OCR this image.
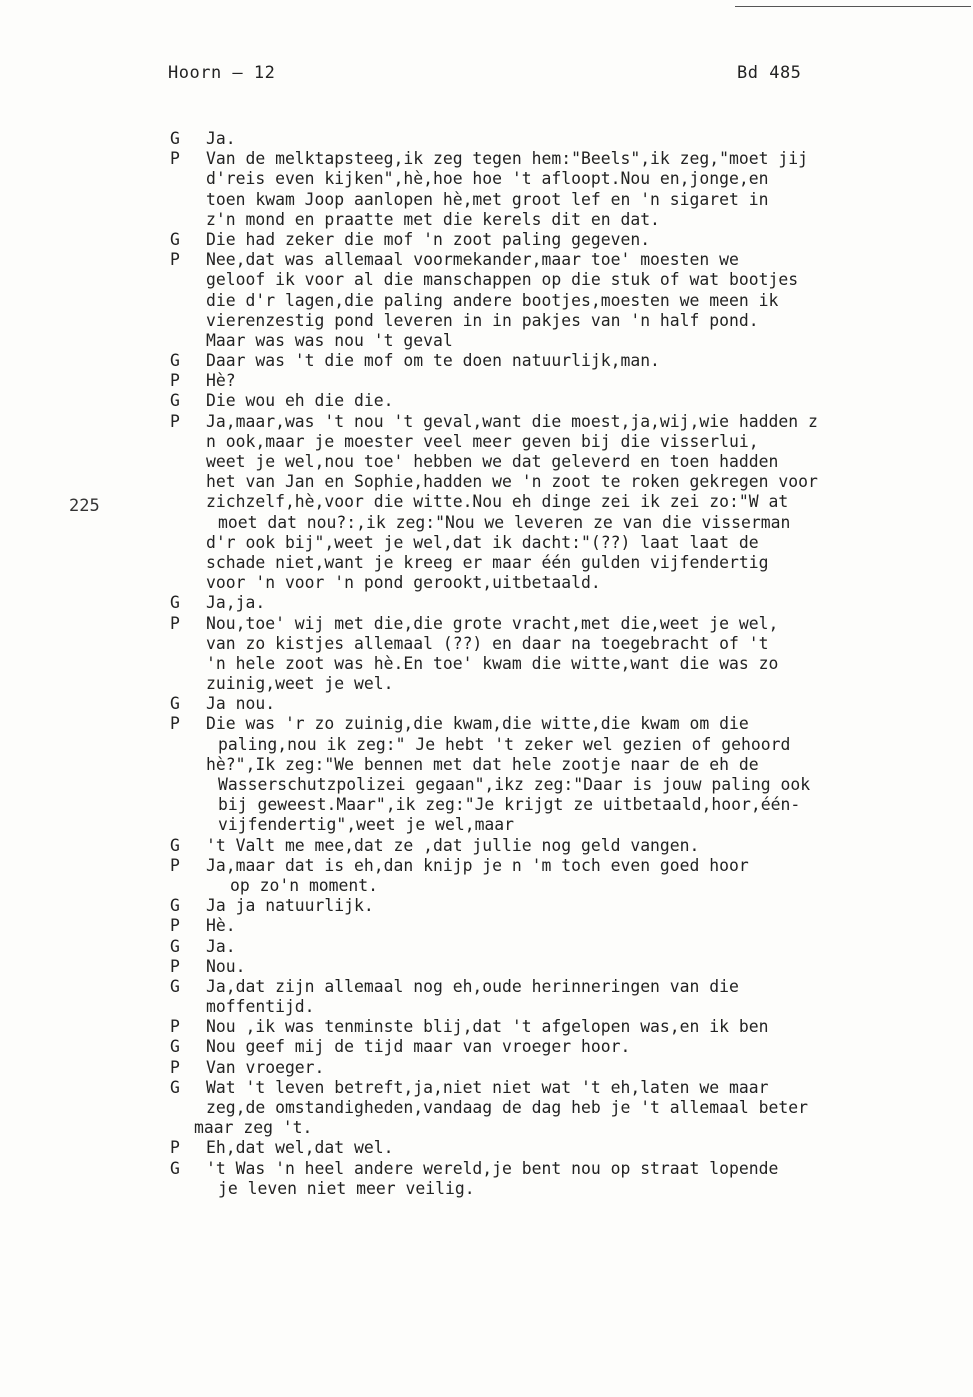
Hoorn – 12	Bd 485
225
G	Ja.
P	Van de melktapsteeg,ik zeg tegen hem:"Beels",ik zeg,"moet jij
d'reis even kijken",hè,hoe hoe 't afloopt.Nou en,jonge,en
toen kwam Joop aanlopen hè,met groot lef en 'n sigaret in
z'n mond en praatte met die kerels dit en dat.
G	Die had zeker die mof 'n zoot paling gegeven.
P	Nee,dat was allemaal voormekander,maar toe' moesten we
geloof ik voor al die manschappen op die stuk of wat bootjes
die d'r lagen,die paling andere bootjes,moesten we meen ik
vierenzestig pond leveren in in pakjes van 'n half pond.
Maar was was nou 't geval
G	Daar was 't die mof om te doen natuurlijk,man.
P	Hè?
G	Die wou eh die die.
P	Ja,maar,was 't nou 't geval,want die moest,ja,wij,wie hadden z
n ook,maar je moester veel meer geven bij die visserlui,
weet je wel,nou toe' hebben we dat geleverd en toen hadden
het van Jan en Sophie,hadden we 'n zoot te roken gekregen voor
zichzelf,hè,voor die witte.Nou eh dinge zei ik zei zo:"W at
moet dat nou?:,ik zeg:"Nou we leveren ze van die visserman
d'r ook bij",weet je wel,dat ik dacht:"(??) laat laat de
schade niet,want je kreeg er maar één gulden vijfendertig
voor 'n voor 'n pond gerookt,uitbetaald.
G	Ja,ja.
P	Nou,toe' wij met die,die grote vracht,met die,weet je wel,
van zo kistjes allemaal (??) en daar na toegebracht of 't
'n hele zoot was hè.En toe' kwam die witte,want die was zo
zuinig,weet je wel.
G	Ja nou.
P	Die was 'r zo zuinig,die kwam,die witte,die kwam om die
paling,nou ik zeg:" Je hebt 't zeker wel gezien of gehoord
hè?",Ik zeg:"We bennen met dat hele zootje naar de eh de
Wasserschutzpolizei gegaan",ikz zeg:"Daar is jouw paling ook
bij geweest.Maar",ik zeg:"Je krijgt ze uitbetaald,hoor,één-
vijfendertig",weet je wel,maar
G	't Valt me mee,dat ze ,dat jullie nog geld vangen.
P	Ja,maar dat is eh,dan knijp je n 'm toch even goed hoor
op zo'n moment.
G	Ja ja natuurlijk.
P	Hè.
G	Ja.
P	Nou.
G	Ja,dat zijn allemaal nog eh,oude herinneringen van die
moffentijd.
P	Nou ,ik was tenminste blij,dat 't afgelopen was,en ik ben
G	Nou geef mij de tijd maar van vroeger hoor.
P	Van vroeger.
G	Wat 't leven betreft,ja,niet niet wat 't eh,laten we maar
zeg,de omstandigheden,vandaag de dag heb je 't allemaal beter
maar zeg 't.
P	Eh,dat wel,dat wel.
G	't Was 'n heel andere wereld,je bent nou op straat lopende
je leven niet meer veilig.
